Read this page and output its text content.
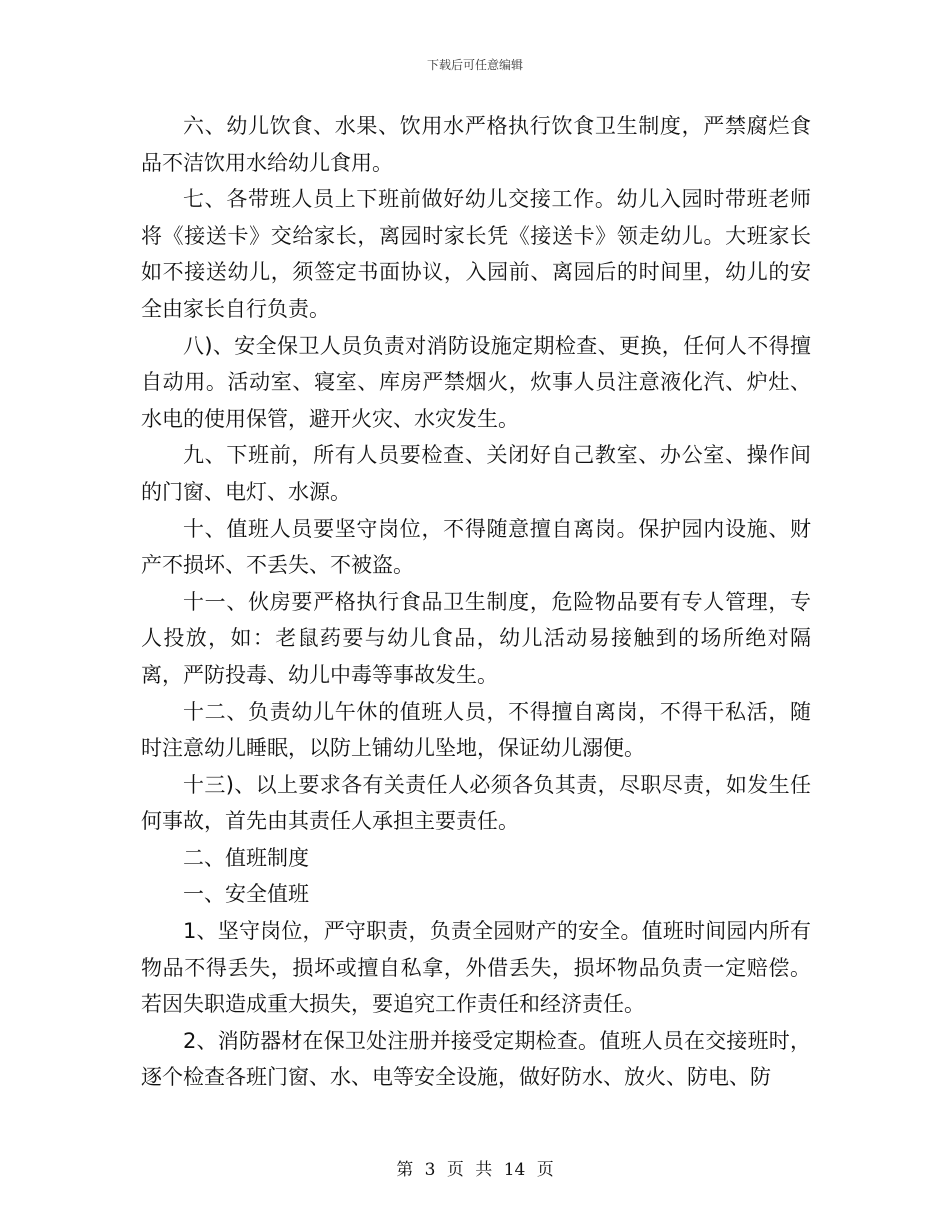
下载后可任意编辑

六、幼儿饮食、水果、饮用水严格执行饮食卫生制度，严禁腐烂食品不洁饮用水给幼儿食用。

七、各带班人员上下班前做好幼儿交接工作。幼儿入园时带班老师将《接送卡》交给家长，离园时家长凭《接送卡》领走幼儿。大班家长如不接送幼儿，须签定书面协议，入园前、离园后的时间里，幼儿的安全由家长自行负责。

八)、安全保卫人员负责对消防设施定期检查、更换，任何人不得擅自动用。活动室、寝室、库房严禁烟火，炊事人员注意液化汽、炉灶、水电的使用保管，避开火灾、水灾发生。

九、下班前，所有人员要检查、关闭好自己教室、办公室、操作间的门窗、电灯、水源。

十、值班人员要坚守岗位，不得随意擅自离岗。保护园内设施、财产不损坏、不丢失、不被盗。

十一、伙房要严格执行食品卫生制度，危险物品要有专人管理，专人投放，如：老鼠药要与幼儿食品，幼儿活动易接触到的场所绝对隔离，严防投毒、幼儿中毒等事故发生。

十二、负责幼儿午休的值班人员，不得擅自离岗，不得干私活，随时注意幼儿睡眠，以防上铺幼儿坠地，保证幼儿溺便。

十三)、以上要求各有关责任人必须各负其责，尽职尽责，如发生任何事故，首先由其责任人承担主要责任。

二、值班制度

一、安全值班

1、坚守岗位，严守职责，负责全园财产的安全。值班时间园内所有物品不得丢失，损坏或擅自私拿，外借丢失，损坏物品负责一定赔偿。若因失职造成重大损失，要追究工作责任和经济责任。

2、消防器材在保卫处注册并接受定期检查。值班人员在交接班时，逐个检查各班门窗、水、电等安全设施，做好防水、放火、防电、防

第 3 页 共 14 页
